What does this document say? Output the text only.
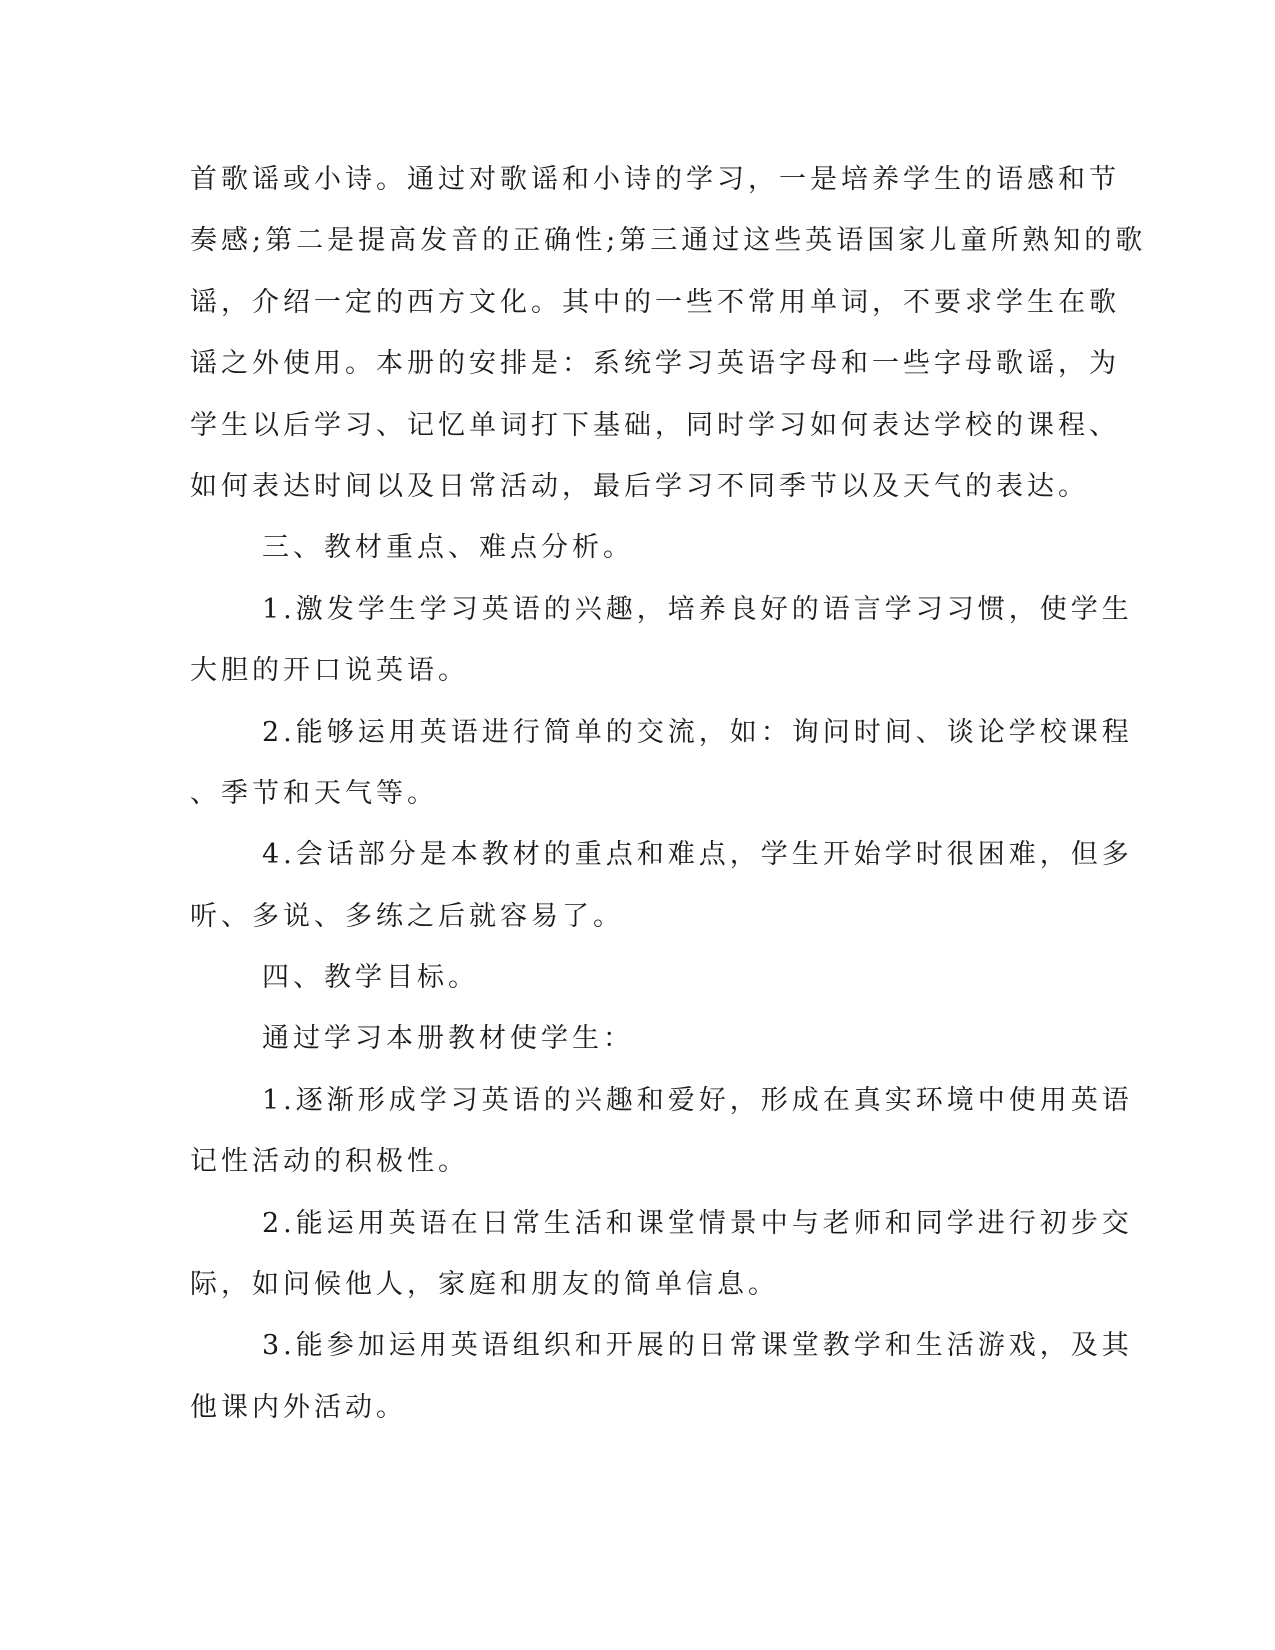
首歌谣或小诗。通过对歌谣和小诗的学习，一是培养学生的语感和节
奏感;第二是提高发音的正确性;第三通过这些英语国家儿童所熟知的歌
谣，介绍一定的西方文化。其中的一些不常用单词，不要求学生在歌
谣之外使用。本册的安排是：系统学习英语字母和一些字母歌谣，为
学生以后学习、记忆单词打下基础，同时学习如何表达学校的课程、
如何表达时间以及日常活动，最后学习不同季节以及天气的表达。
三、教材重点、难点分析。
1.激发学生学习英语的兴趣，培养良好的语言学习习惯，使学生
大胆的开口说英语。
2.能够运用英语进行简单的交流，如：询问时间、谈论学校课程
、季节和天气等。
4.会话部分是本教材的重点和难点，学生开始学时很困难，但多
听、多说、多练之后就容易了。
四、教学目标。
通过学习本册教材使学生：
1.逐渐形成学习英语的兴趣和爱好，形成在真实环境中使用英语
记性活动的积极性。
2.能运用英语在日常生活和课堂情景中与老师和同学进行初步交
际，如问候他人，家庭和朋友的简单信息。
3.能参加运用英语组织和开展的日常课堂教学和生活游戏，及其
他课内外活动。
